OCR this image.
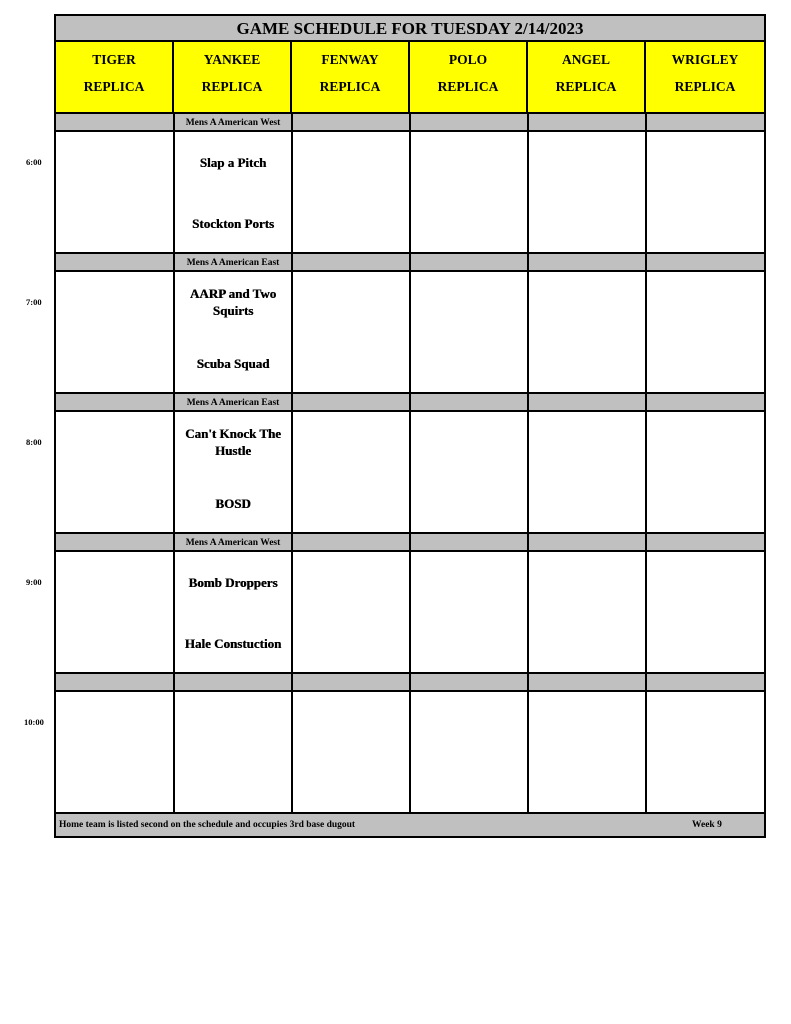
GAME SCHEDULE FOR TUESDAY 2/14/2023
TIGER
REPLICA
YANKEE
REPLICA
FENWAY
REPLICA
POLO
REPLICA
ANGEL
REPLICA
WRIGLEY
REPLICA
Mens A American West
Mens A American East
Mens A American East
Mens A American West
Slap a Pitch
Stockton Ports
AARP and Two Squirts
Scuba Squad
Can't Knock The Hustle
BOSD
Bomb Droppers
Hale Constuction
Home team is listed second on the schedule and occupies 3rd base dugout	Week 9
6:00
7:00
8:00
9:00
10:00
